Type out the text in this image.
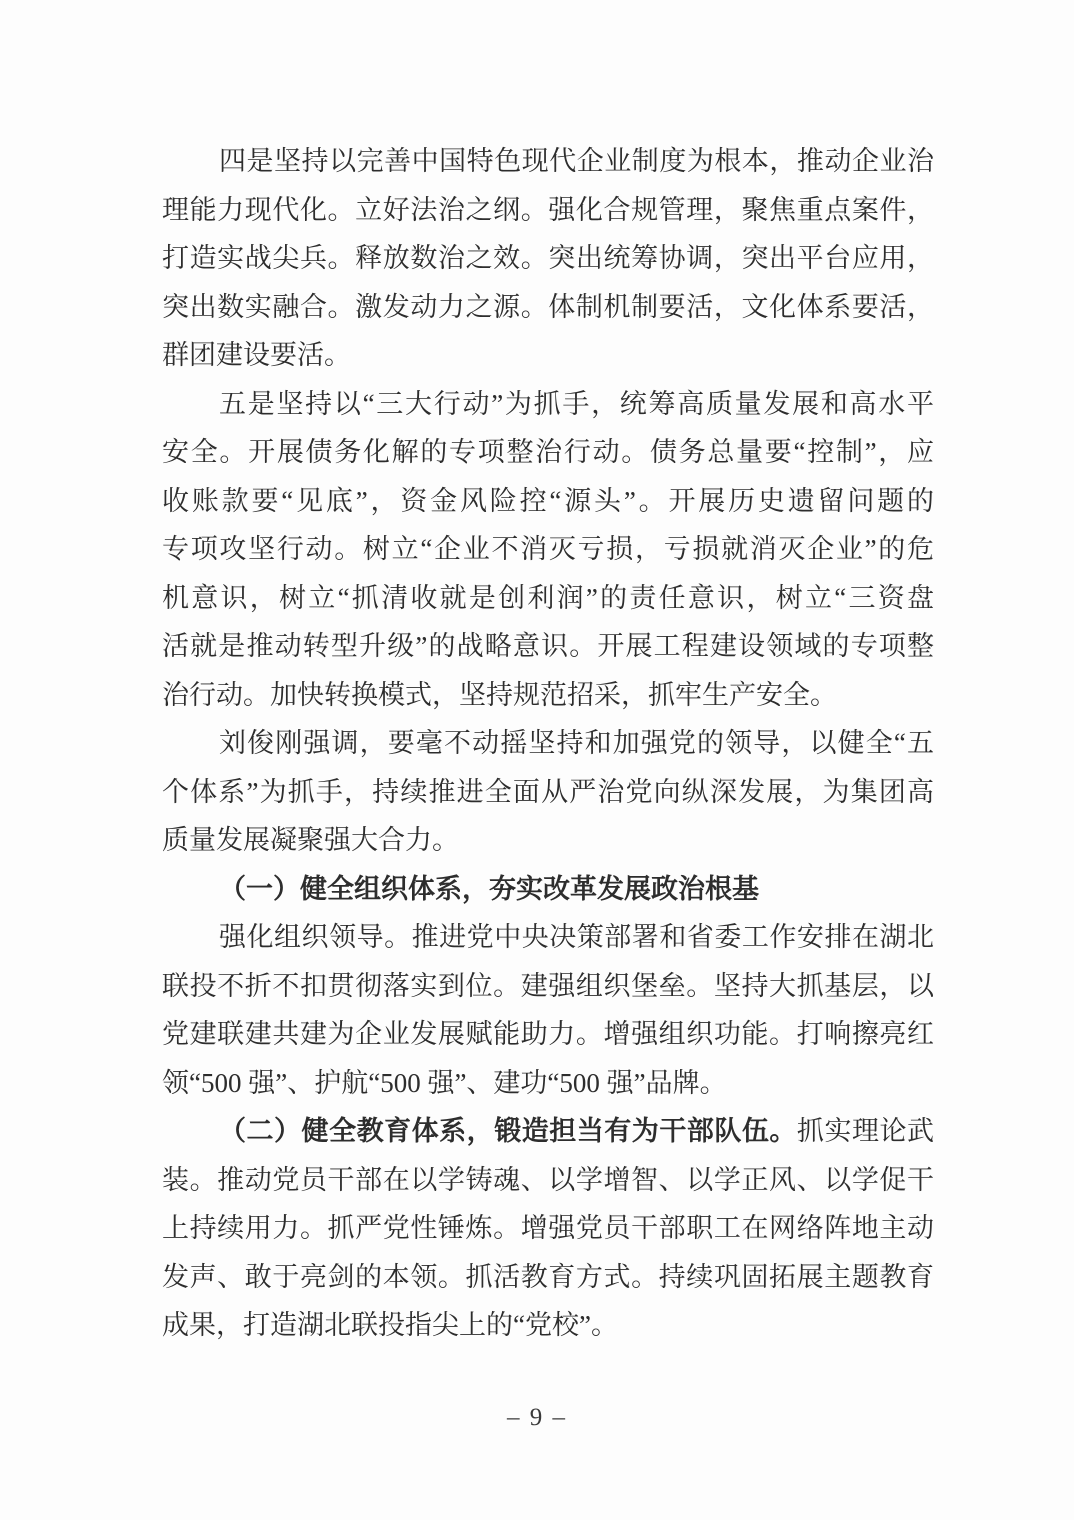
四是坚持以完善中国特色现代企业制度为根本，推动企业治
理能力现代化。立好法治之纲。强化合规管理，聚焦重点案件，
打造实战尖兵。释放数治之效。突出统筹协调，突出平台应用，
突出数实融合。激发动力之源。体制机制要活，文化体系要活，
群团建设要活。
五是坚持以“三大行动”为抓手，统筹高质量发展和高水平
安全。开展债务化解的专项整治行动。债务总量要“控制”，应
收账款要“见底”，资金风险控“源头”。开展历史遗留问题的
专项攻坚行动。树立“企业不消灭亏损，亏损就消灭企业”的危
机意识，树立“抓清收就是创利润”的责任意识，树立“三资盘
活就是推动转型升级”的战略意识。开展工程建设领域的专项整
治行动。加快转换模式，坚持规范招采，抓牢生产安全。
刘俊刚强调，要毫不动摇坚持和加强党的领导，以健全“五
个体系”为抓手，持续推进全面从严治党向纵深发展，为集团高
质量发展凝聚强大合力。
（一）健全组织体系，夯实改革发展政治根基
强化组织领导。推进党中央决策部署和省委工作安排在湖北
联投不折不扣贯彻落实到位。建强组织堡垒。坚持大抓基层，以
党建联建共建为企业发展赋能助力。增强组织功能。打响擦亮红
领“500 强”、护航“500 强”、建功“500 强”品牌。
（二）健全教育体系，锻造担当有为干部队伍。抓实理论武
装。推动党员干部在以学铸魂、以学增智、以学正风、以学促干
上持续用力。抓严党性锤炼。增强党员干部职工在网络阵地主动
发声、敢于亮剑的本领。抓活教育方式。持续巩固拓展主题教育
成果，打造湖北联投指尖上的“党校”。
– 9 –
